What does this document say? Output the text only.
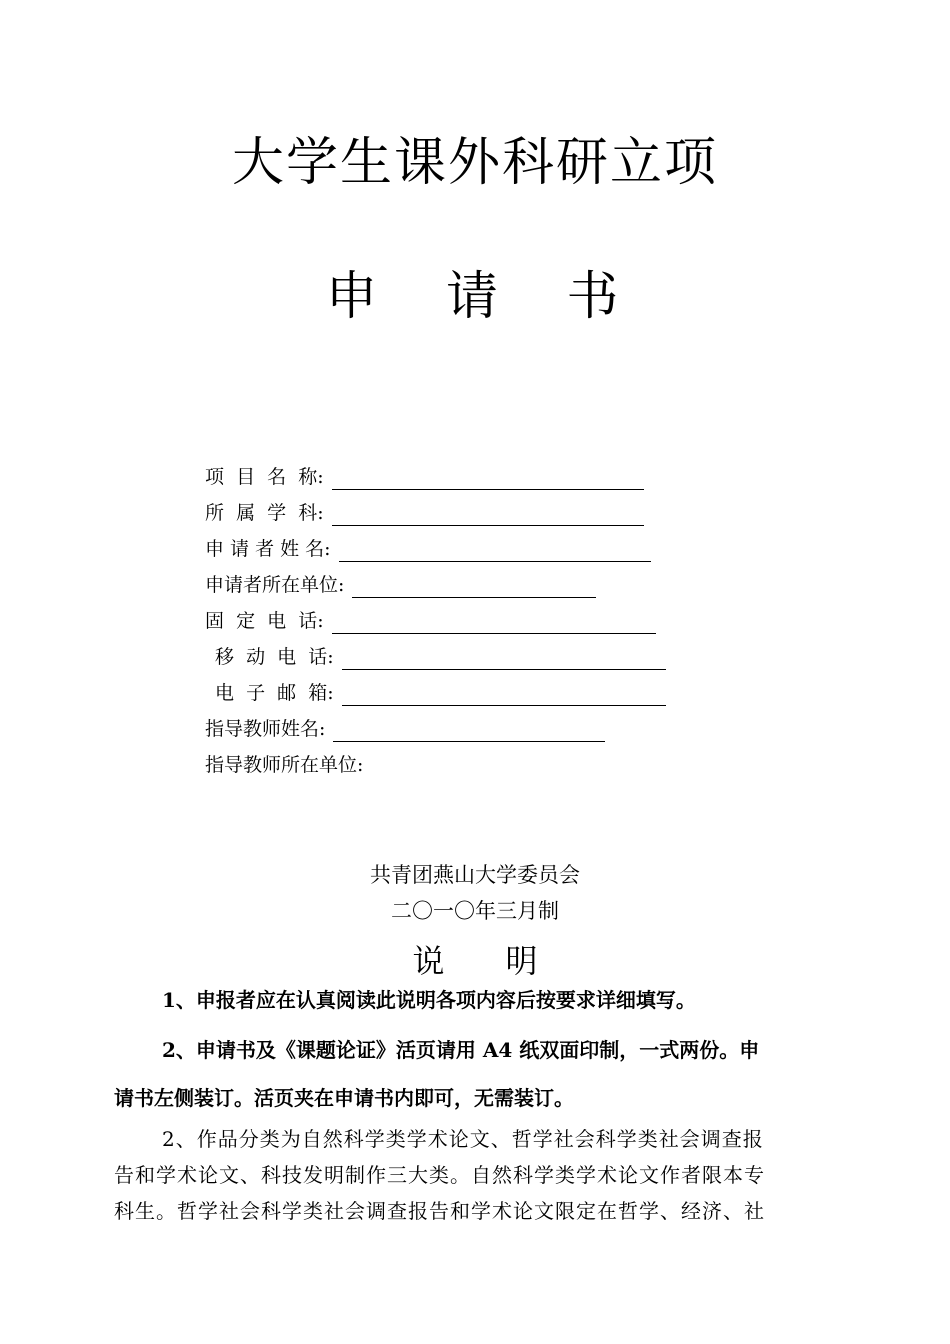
大学生课外科研立项
申 请 书
项  目  名  称:
所  属  学  科:
申 请 者 姓 名:
申请者所在单位:
固  定  电  话:
移  动  电  话:
电  子  邮  箱:
指导教师姓名:
指导教师所在单位:
共青团燕山大学委员会
二〇一〇年三月制
说      明
1、申报者应在认真阅读此说明各项内容后按要求详细填写。
2、申请书及《课题论证》活页请用 A4 纸双面印制，一式两份。申
请书左侧装订。活页夹在申请书内即可，无需装订。
2、作品分类为自然科学类学术论文、哲学社会科学类社会调查报
告和学术论文、科技发明制作三大类。自然科学类学术论文作者限本专
科生。哲学社会科学类社会调查报告和学术论文限定在哲学、经济、社
